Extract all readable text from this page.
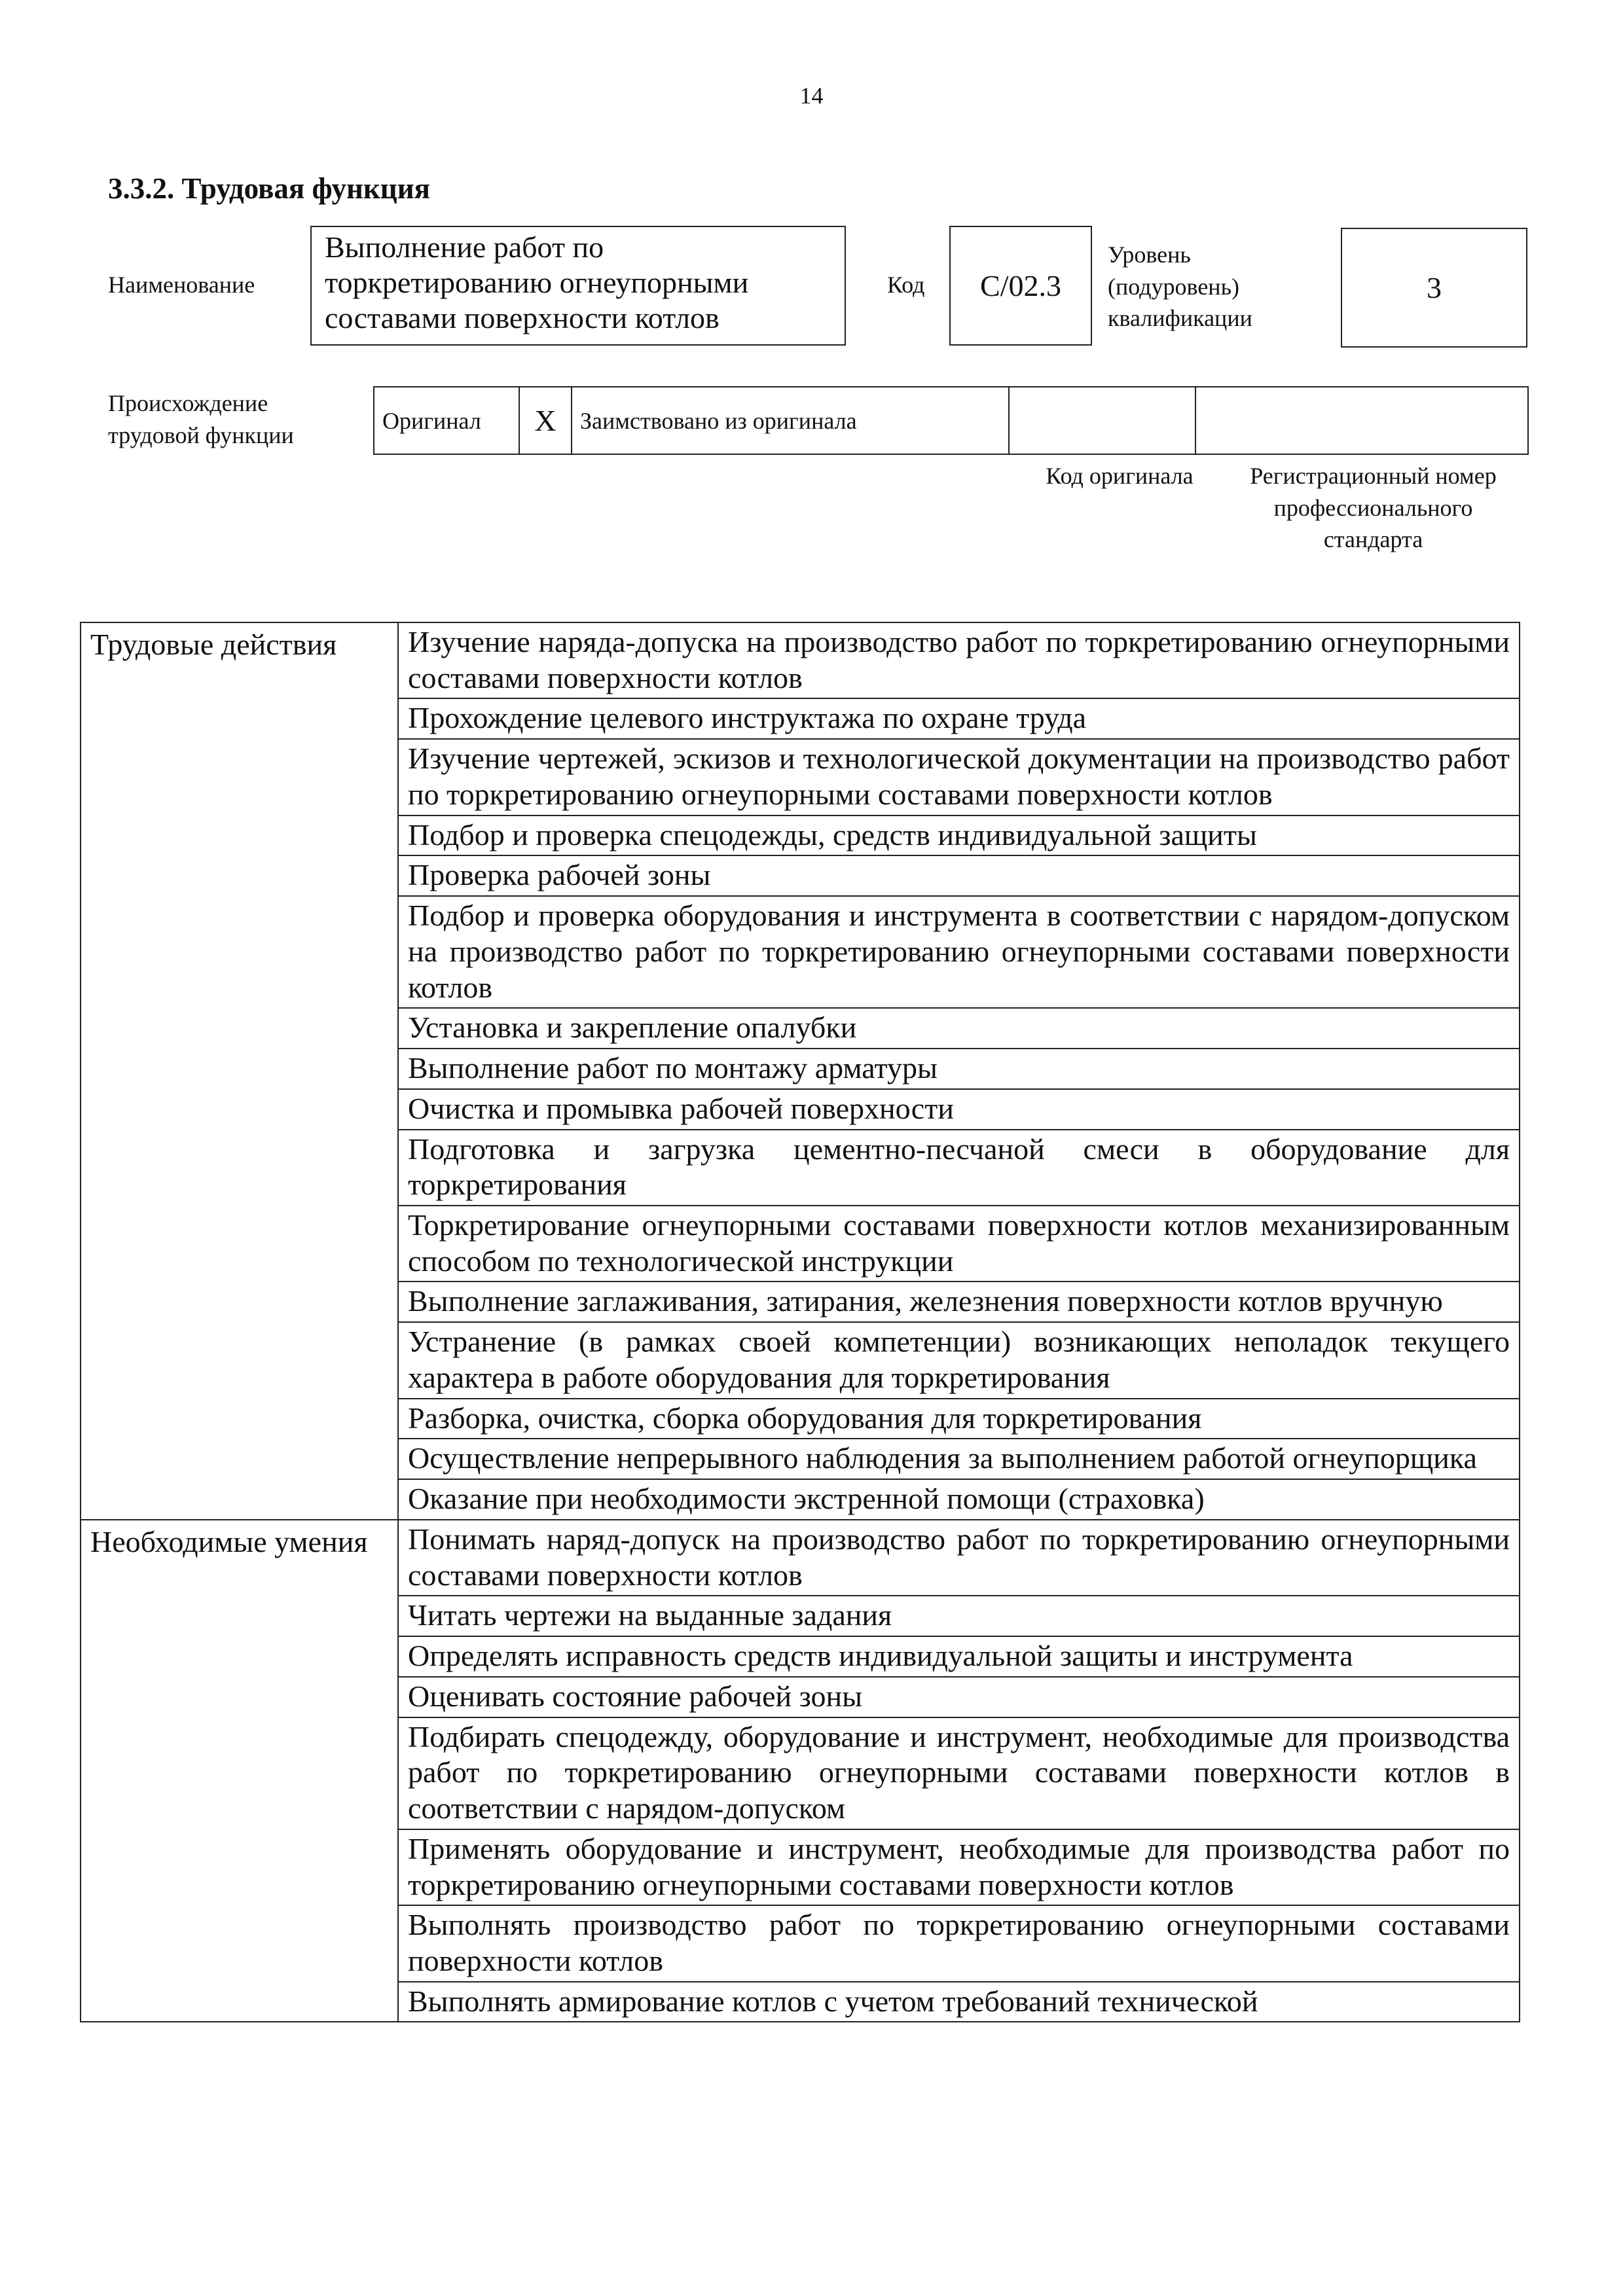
14
3.3.2. Трудовая функция
Наименование
Выполнение работ по торкретированию огнеупорными составами поверхности котлов
Код	С/02.3
Уровень (подуровень) квалификации
3
Происхождение трудовой функции
Оригинал	X	Заимствовано из оригинала		
Код оригинала	Регистрационный номер профессионального стандарта
Трудовые действия	Изучение наряда-допуска на производство работ по торкретированию огнеупорными составами поверхности котлов
	Прохождение целевого инструктажа по охране труда
	Изучение чертежей, эскизов и технологической документации на производство работ по торкретированию огнеупорными составами поверхности котлов
	Подбор и проверка спецодежды, средств индивидуальной защиты
	Проверка рабочей зоны
	Подбор и проверка оборудования и инструмента в соответствии с нарядом-допуском на производство работ по торкретированию огнеупорными составами поверхности котлов
	Установка и закрепление опалубки
	Выполнение работ по монтажу арматуры
	Очистка и промывка рабочей поверхности
	Подготовка и загрузка цементно-песчаной смеси в оборудование для торкретирования
	Торкретирование огнеупорными составами поверхности котлов механизированным способом по технологической инструкции
	Выполнение заглаживания, затирания, железнения поверхности котлов вручную
	Устранение (в рамках своей компетенции) возникающих неполадок текущего характера в работе оборудования для торкретирования
	Разборка, очистка, сборка оборудования для торкретирования
	Осуществление непрерывного наблюдения за выполнением работой огнеупорщика
	Оказание при необходимости экстренной помощи (страховка)
Необходимые умения	Понимать наряд-допуск на производство работ по торкретированию огнеупорными составами поверхности котлов
	Читать чертежи на выданные задания
	Определять исправность средств индивидуальной защиты и инструмента
	Оценивать состояние рабочей зоны
	Подбирать спецодежду, оборудование и инструмент, необходимые для производства работ по торкретированию огнеупорными составами поверхности котлов в соответствии с нарядом-допуском
	Применять оборудование и инструмент, необходимые для производства работ по торкретированию огнеупорными составами поверхности котлов
	Выполнять производство работ по торкретированию огнеупорными составами поверхности котлов
	Выполнять армирование котлов с учетом требований технической
